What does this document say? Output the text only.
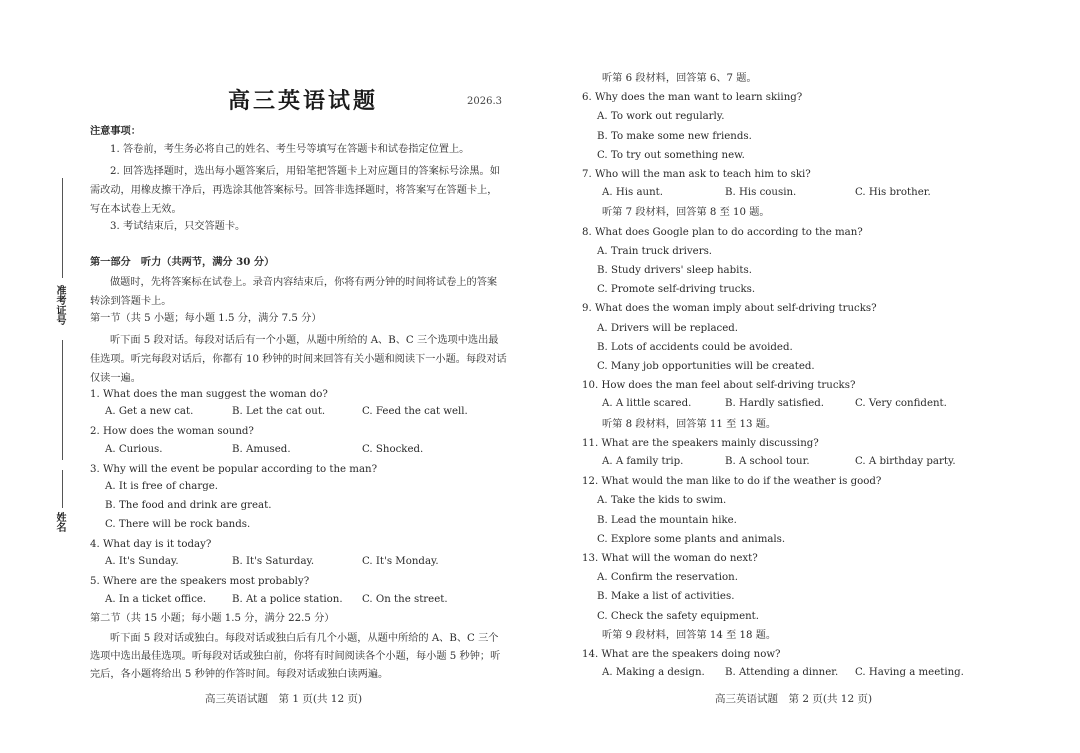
准考证号
姓名
高三英语试题	2026.3
注意事项：
1. 答卷前，考生务必将自己的姓名、考生号等填写在答题卡和试卷指定位置上。
2. 回答选择题时，选出每小题答案后，用铅笔把答题卡上对应题目的答案标号涂黑。如需改动，用橡皮擦干净后，再选涂其他答案标号。回答非选择题时，将答案写在答题卡上，写在本试卷上无效。
3. 考试结束后，只交答题卡。
第一部分　听力（共两节，满分 30 分）
做题时，先将答案标在试卷上。录音内容结束后，你将有两分钟的时间将试卷上的答案转涂到答题卡上。
第一节（共 5 小题；每小题 1.5 分，满分 7.5 分）
听下面 5 段对话。每段对话后有一个小题，从题中所给的 A、B、C 三个选项中选出最佳选项。听完每段对话后，你都有 10 秒钟的时间来回答有关小题和阅读下一小题。每段对话仅读一遍。
1. What does the man suggest the woman do?
A. Get a new cat.	B. Let the cat out.	C. Feed the cat well.
2. How does the woman sound?
A. Curious.	B. Amused.	C. Shocked.
3. Why will the event be popular according to the man?
A. It is free of charge.
B. The food and drink are great.
C. There will be rock bands.
4. What day is it today?
A. It's Sunday.	B. It's Saturday.	C. It's Monday.
5. Where are the speakers most probably?
A. In a ticket office.	B. At a police station. C. On the street.
第二节（共 15 小题；每小题 1.5 分，满分 22.5 分）
听下面 5 段对话或独白。每段对话或独白后有几个小题，从题中所给的 A、B、C 三个选项中选出最佳选项。听每段对话或独白前，你将有时间阅读各个小题，每小题 5 秒钟；听完后，各小题将给出 5 秒钟的作答时间。每段对话或独白读两遍。
高三英语试题　第 1 页(共 12 页)
听第 6 段材料，回答第 6、7 题。
6. Why does the man want to learn skiing?
A. To work out regularly.
B. To make some new friends.
C. To try out something new.
7. Who will the man ask to teach him to ski?
A. His aunt.	B. His cousin.	C. His brother.
听第 7 段材料，回答第 8 至 10 题。
8. What does Google plan to do according to the man?
A. Train truck drivers.
B. Study drivers' sleep habits.
C. Promote self-driving trucks.
9. What does the woman imply about self-driving trucks?
A. Drivers will be replaced.
B. Lots of accidents could be avoided.
C. Many job opportunities will be created.
10. How does the man feel about self-driving trucks?
A. A little scared.	B. Hardly satisfied.	C. Very confident.
听第 8 段材料，回答第 11 至 13 题。
11. What are the speakers mainly discussing?
A. A family trip.	B. A school tour.	C. A birthday party.
12. What would the man like to do if the weather is good?
A. Take the kids to swim.
B. Lead the mountain hike.
C. Explore some plants and animals.
13. What will the woman do next?
A. Confirm the reservation.
B. Make a list of activities.
C. Check the safety equipment.
听第 9 段材料，回答第 14 至 18 题。
14. What are the speakers doing now?
A. Making a design. B. Attending a dinner. C. Having a meeting.
高三英语试题　第 2 页(共 12 页)
